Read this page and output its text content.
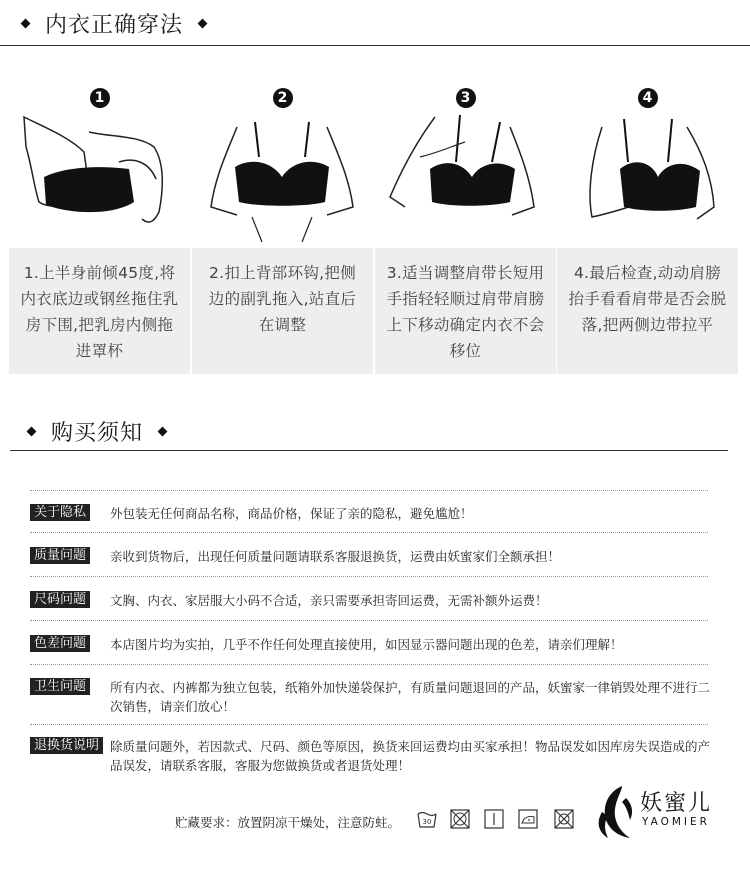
内衣正确穿法
1
1.上半身前倾45度,将内衣底边或钢丝拖住乳房下围,把乳房内侧拖进罩杯
2
2.扣上背部环钩,把侧边的副乳拖入,站直后在调整
3
3.适当调整肩带长短用手指轻轻顺过肩带肩膀上下移动确定内衣不会移位
4
4.最后检查,动动肩膀抬手看看肩带是否会脱落,把两侧边带拉平
购买须知
关于隐私	外包装无任何商品名称，商品价格，保证了亲的隐私，避免尴尬！
质量问题	亲收到货物后，出现任何质量问题请联系客服退换货，运费由妖蜜家们全额承担！
尺码问题	文胸、内衣、家居服大小码不合适，亲只需要承担寄回运费，无需补额外运费！
色差问题	本店图片均为实拍，几乎不作任何处理直接使用，如因显示器问题出现的色差，请亲们理解！
卫生问题	所有内衣、内裤都为独立包装，纸箱外加快递袋保护，有质量问题退回的产品，妖蜜家一律销毁处理不进行二次销售，请亲们放心！
退换货说明 除质量问题外，若因款式、尺码、颜色等原因，换货来回运费均由买家承担！物品误发如因库房失误造成的产品误发，请联系客服，客服为您做换货或者退货处理！
贮藏要求：放置阴凉干燥处，注意防蛀。	30
妖蜜儿
YAOMIER
